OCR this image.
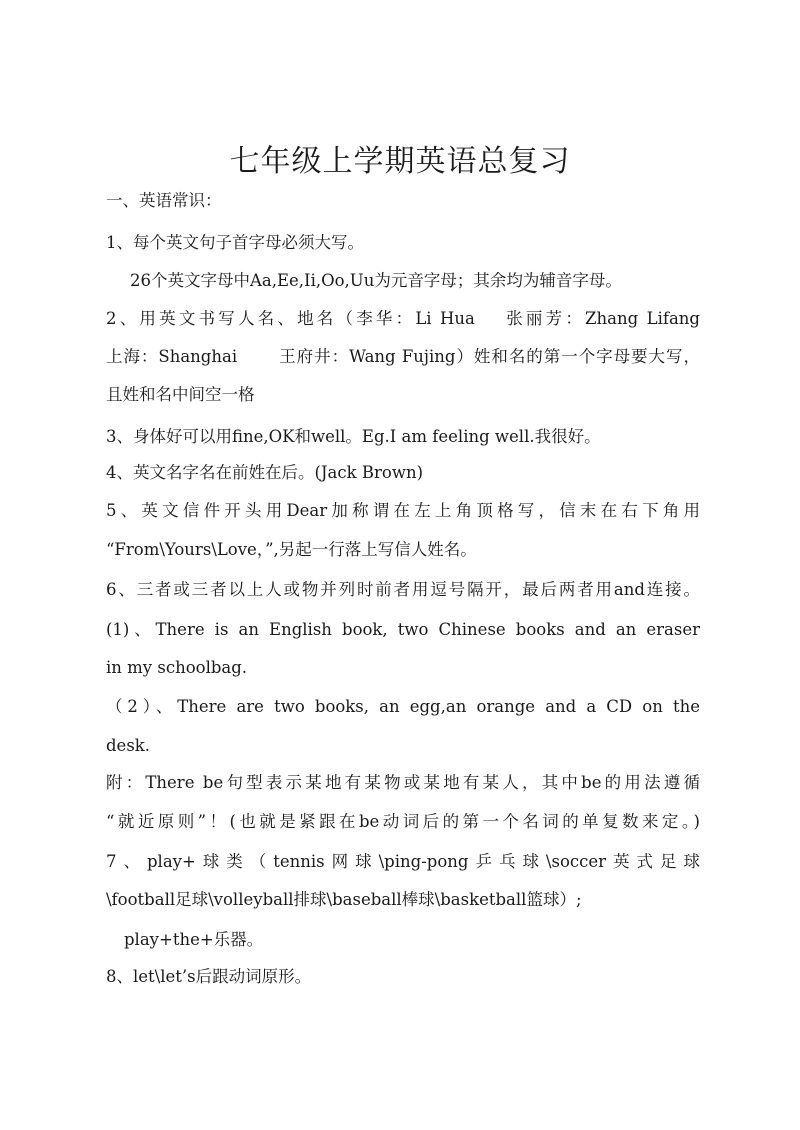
七年级上学期英语总复习
一、英语常识：
1、每个英文句子首字母必须大写。
26个英文字母中Aa,Ee,Ii,Oo,Uu为元音字母；其余均为辅音字母。
2、用英文书写人名、地名（李华：Li Hua　 张丽芳：Zhang Lifang
上海：Shanghai　 　王府井：Wang Fujing）姓和名的第一个字母要大写，
且姓和名中间空一格
3、身体好可以用fine,OK和well。Eg.I am feeling well.我很好。
4、英文名字名在前姓在后。(Jack Brown)
5、英文信件开头用Dear加称谓在左上角顶格写，信末在右下角用
“From\Yours\Love，”,另起一行落上写信人姓名。
6、三者或三者以上人或物并列时前者用逗号隔开，最后两者用and连接。
(1)、There is an English book, two Chinese books and an eraser
in my schoolbag.
（2）、There are two books, an egg,an orange and a CD on the
desk.
附：There be句型表示某地有某物或某地有某人，其中be的用法遵循
“就近原则”！(也就是紧跟在be动词后的第一个名词的单复数来定。)
7、play+球类（tennis网球\ping-pong乒乓球\soccer英式足球
\football足球\volleyball排球\baseball棒球\basketball篮球）;
play+the+乐器。
8、let\let’s后跟动词原形。
